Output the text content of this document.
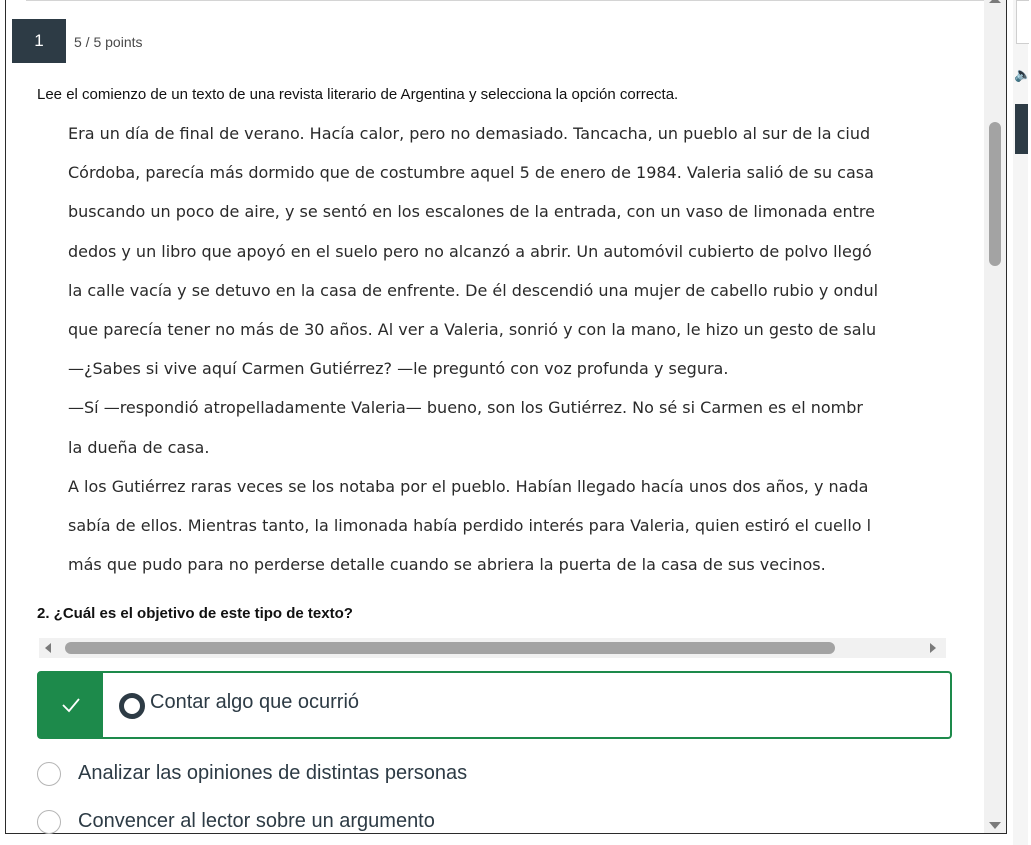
1 5 / 5 points
Lee el comienzo de un texto de una revista literario de Argentina y selecciona la opción correcta.
Era un día de final de verano. Hacía calor, pero no demasiado. Tancacha, un pueblo al sur de la ciud
Córdoba, parecía más dormido que de costumbre aquel 5 de enero de 1984. Valeria salió de su casa
buscando un poco de aire, y se sentó en los escalones de la entrada, con un vaso de limonada entre
dedos y un libro que apoyó en el suelo pero no alcanzó a abrir. Un automóvil cubierto de polvo llegó
la calle vacía y se detuvo en la casa de enfrente. De él descendió una mujer de cabello rubio y ondul
que parecía tener no más de 30 años. Al ver a Valeria, sonrió y con la mano, le hizo un gesto de salu
—¿Sabes si vive aquí Carmen Gutiérrez? —le preguntó con voz profunda y segura.
—Sí —respondió atropelladamente Valeria— bueno, son los Gutiérrez. No sé si Carmen es el nombr
la dueña de casa.
A los Gutiérrez raras veces se los notaba por el pueblo. Habían llegado hacía unos dos años, y nada
sabía de ellos. Mientras tanto, la limonada había perdido interés para Valeria, quien estiró el cuello l
más que pudo para no perderse detalle cuando se abriera la puerta de la casa de sus vecinos.
2. ¿Cuál es el objetivo de este tipo de texto?
Contar algo que ocurrió
Analizar las opiniones de distintas personas
Convencer al lector sobre un argumento
🔈
